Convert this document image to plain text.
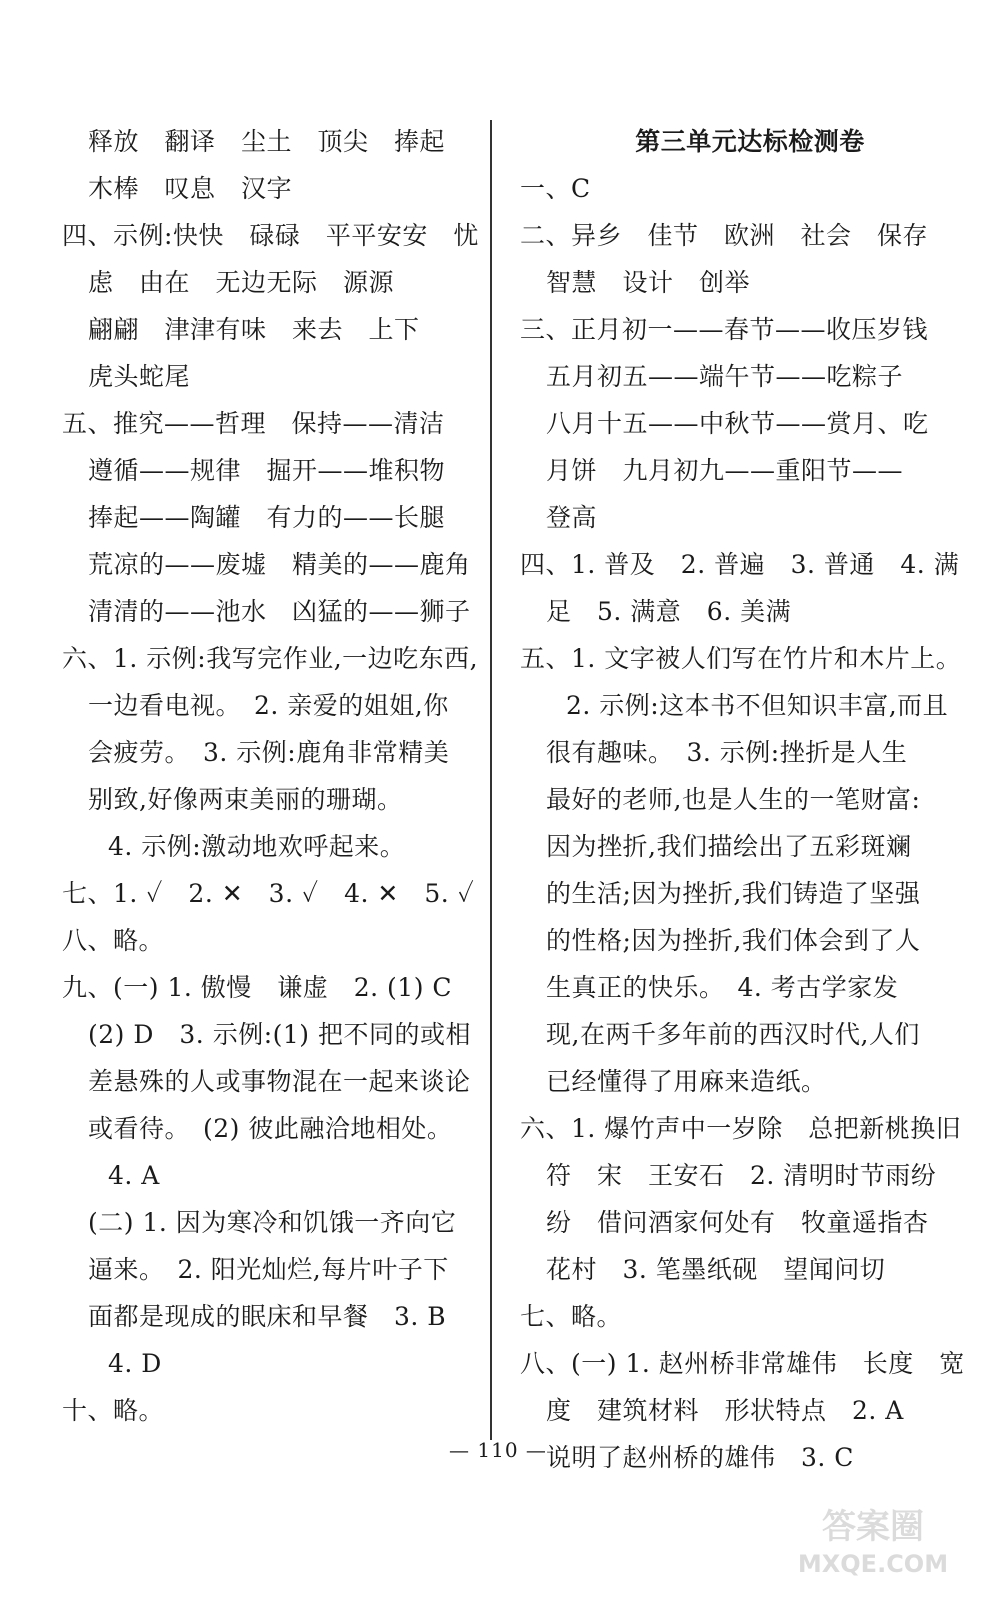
释放　翻译　尘土　顶尖　捧起
木棒　叹息　汉字
四、示例:快快　碌碌　平平安安　忧
虑　由在　无边无际　源源
翩翩　津津有味　来去　上下
虎头蛇尾
五、推究——哲理　保持——清洁
遵循——规律　掘开——堆积物
捧起——陶罐　有力的——长腿
荒凉的——废墟　精美的——鹿角
清清的——池水　凶猛的——狮子
六、1. 示例:我写完作业,一边吃东西,
一边看电视。　2. 亲爱的姐姐,你
会疲劳。　3. 示例:鹿角非常精美
别致,好像两束美丽的珊瑚。
4. 示例:激动地欢呼起来。
七、1. ✓　2. ✕　3. ✓　4. ✕　5. ✓
八、略。
九、(一) 1. 傲慢　谦虚　2. (1) C
(2) D　3. 示例:(1) 把不同的或相
差悬殊的人或事物混在一起来谈论
或看待。　(2) 彼此融洽地相处。
4. A
(二) 1. 因为寒冷和饥饿一齐向它
逼来。　2. 阳光灿烂,每片叶子下
面都是现成的眠床和早餐　3. B
4. D
十、略。
第三单元达标检测卷
一、C
二、异乡　佳节　欧洲　社会　保存
智慧　设计　创举
三、正月初一——春节——收压岁钱
五月初五——端午节——吃粽子
八月十五——中秋节——赏月、吃
月饼　九月初九——重阳节——
登高
四、1. 普及　2. 普遍　3. 普通　4. 满
足　5. 满意　6. 美满
五、1. 文字被人们写在竹片和木片上。
2. 示例:这本书不但知识丰富,而且
很有趣味。　3. 示例:挫折是人生
最好的老师,也是人生的一笔财富:
因为挫折,我们描绘出了五彩斑斓
的生活;因为挫折,我们铸造了坚强
的性格;因为挫折,我们体会到了人
生真正的快乐。　4. 考古学家发
现,在两千多年前的西汉时代,人们
已经懂得了用麻来造纸。
六、1. 爆竹声中一岁除　总把新桃换旧
符　宋　王安石　2. 清明时节雨纷
纷　借问酒家何处有　牧童遥指杏
花村　3. 笔墨纸砚　望闻问切
七、略。
八、(一) 1. 赵州桥非常雄伟　长度　宽
度　建筑材料　形状特点　2. A
说明了赵州桥的雄伟　3. C
— 110 —
答案圈
MXQE.COM
